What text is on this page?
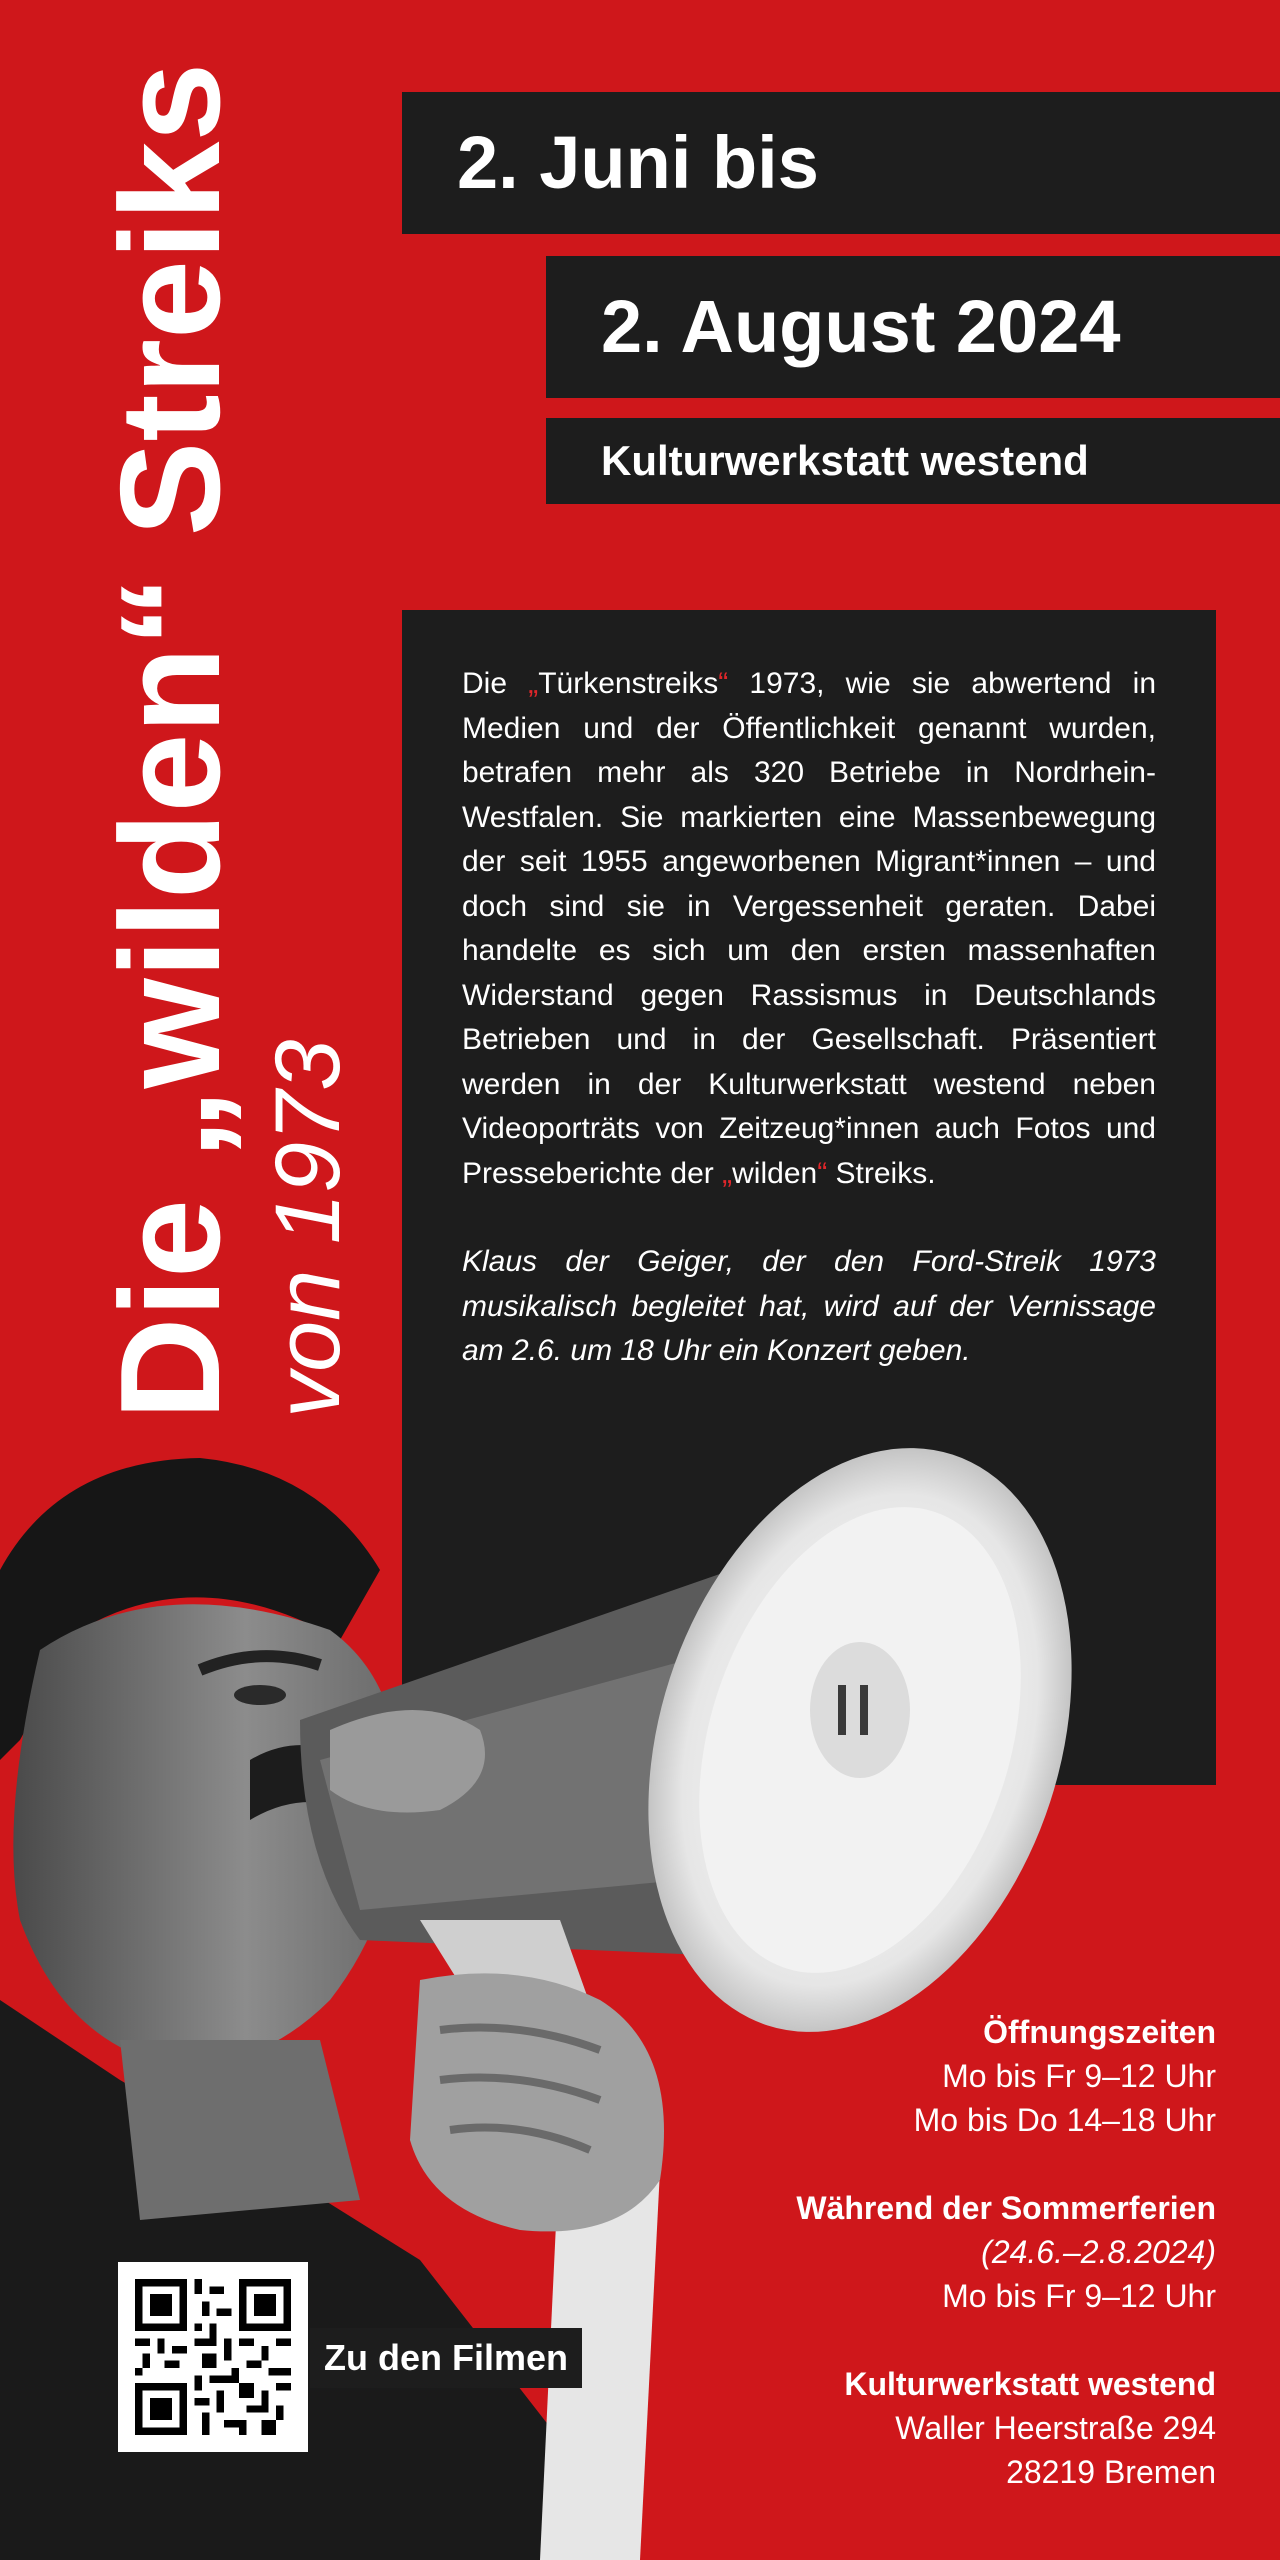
2. Juni bis
2. August 2024
Kulturwerkstatt westend
Die „wilden“ Streiks
von 1973

Die „Türkenstreiks“ 1973, wie sie abwertend in Medien und der Öffentlichkeit genannt wurden, betrafen mehr als 320 Betriebe in Nordrhein-Westfalen. Sie markierten eine Massenbewegung der seit 1955 angeworbenen Migrant*innen – und doch sind sie in Vergessenheit geraten. Dabei handelte es sich um den ersten massenhaften Widerstand gegen Rassismus in Deutschlands Betrieben und in der Gesellschaft. Präsentiert werden in der Kulturwerkstatt westend neben Videoporträts von Zeitzeug*innen auch Fotos und Presseberichte der „wilden“ Streiks.

Klaus der Geiger, der den Ford-Streik 1973 musikalisch begleitet hat, wird auf der Vernissage am 2.6. um 18 Uhr ein Konzert geben.

Öffnungszeiten

Mo bis Fr 9–12 Uhr

Mo bis Do 14–18 Uhr

Während der Sommerferien

(24.6.–2.8.2024)

Mo bis Fr 9–12 Uhr

Kulturwerkstatt westend

Waller Heerstraße 294

28219 Bremen

Zu den Filmen
